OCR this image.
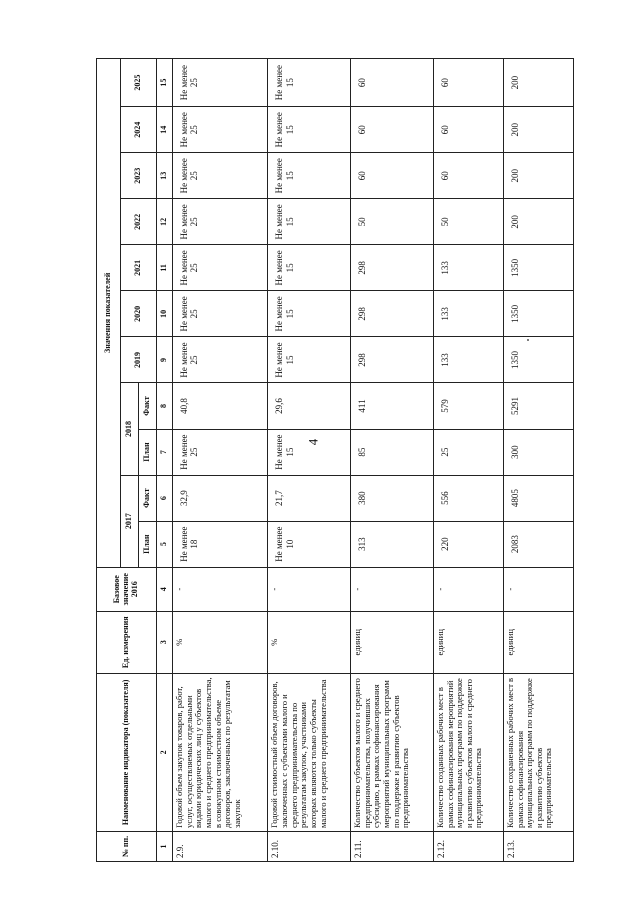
4
№ пп.	Наименование индикатора (показателя)	Ед. измерения	Базовое значение 2016	Значения показателей										
				2017		2018		2019	2020	2021	2022	2023	2024	2025
				План	Факт	План	Факт							
1	2	3	4	5	6	7	8	9	10	11	12	13	14	15
2.9.	Годовой объем закупок товаров, работ, услуг, осуществляемых отдельными видами юридических лиц у субъектов малого и среднего предпринимательства, в совокупном стоимостном объеме договоров, заключенных по результатам закупок	%	-	Не менее 18	32,9	Не менее 25	40,8	Не менее 25	Не менее 25	Не менее 25	Не менее 25	Не менее 25	Не менее 25	Не менее 25
2.10.	Годовой стоимостный объем договоров, заключенных с субъектами малого и среднего предпринимательства по результатам закупок, участниками которых являются только субъекты малого и среднего предпринимательства	%	-	Не менее 10	21,7	Не менее 15	29,6	Не менее 15	Не менее 15	Не менее 15	Не менее 15	Не менее 15	Не менее 15	Не менее 15
2.11.	Количество субъектов малого и среднего предпринимательства, получивших субсидию, в рамках софинансирования мероприятий муниципальных программ по поддержке и развитию субъектов предпринимательства	единиц	-	313	380	85	411	298	298	298	50	60	60	60
2.12.	Количество созданных рабочих мест в рамках софинансирования мероприятий муниципальных программ по поддержке и развитию субъектов малого и среднего предпринимательства	единиц	-	220	556	25	579	133	133	133	50	60	60	60
2.13.	Количество сохраненных рабочих мест в рамках софинансирования муниципальных программ по поддержке и развитию субъектов предпринимательства	единиц	-	2083	4805	300	5291	1350	1350	1350	200	200	200	200
